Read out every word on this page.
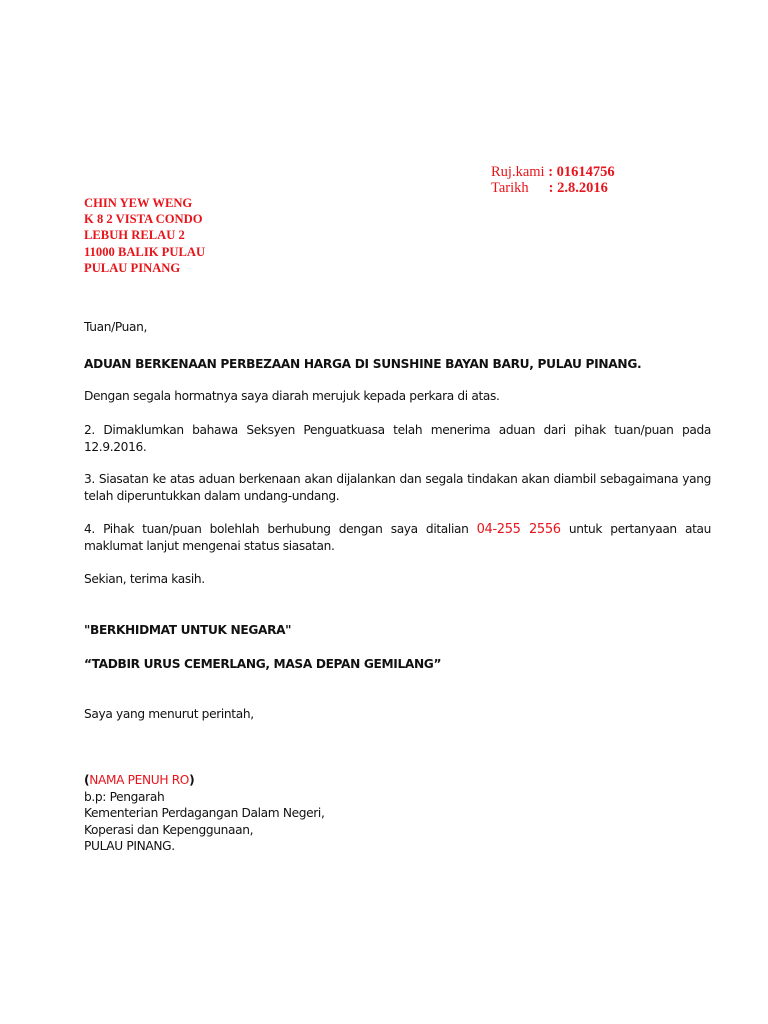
Ruj.kami : 01614756
Tarikh : 2.8.2016
CHIN YEW WENG
K 8 2 VISTA CONDO
LEBUH RELAU 2
11000 BALIK PULAU
PULAU PINANG
Tuan/Puan,
ADUAN BERKENAAN PERBEZAAN HARGA DI SUNSHINE BAYAN BARU, PULAU PINANG.
Dengan segala hormatnya saya diarah merujuk kepada perkara di atas.
2. Dimaklumkan bahawa Seksyen Penguatkuasa telah menerima aduan dari pihak tuan/puan pada
12.9.2016.
3. Siasatan ke atas aduan berkenaan akan dijalankan dan segala tindakan akan diambil sebagaimana yang
telah diperuntukkan dalam undang-undang.
4. Pihak tuan/puan bolehlah berhubung dengan saya ditalian 04-255 2556 untuk pertanyaan atau
maklumat lanjut mengenai status siasatan.
Sekian, terima kasih.
"BERKHIDMAT UNTUK NEGARA"
“TADBIR URUS CEMERLANG, MASA DEPAN GEMILANG”
Saya yang menurut perintah,
(NAMA PENUH RO)
b.p: Pengarah
Kementerian Perdagangan Dalam Negeri,
Koperasi dan Kepenggunaan,
PULAU PINANG.
